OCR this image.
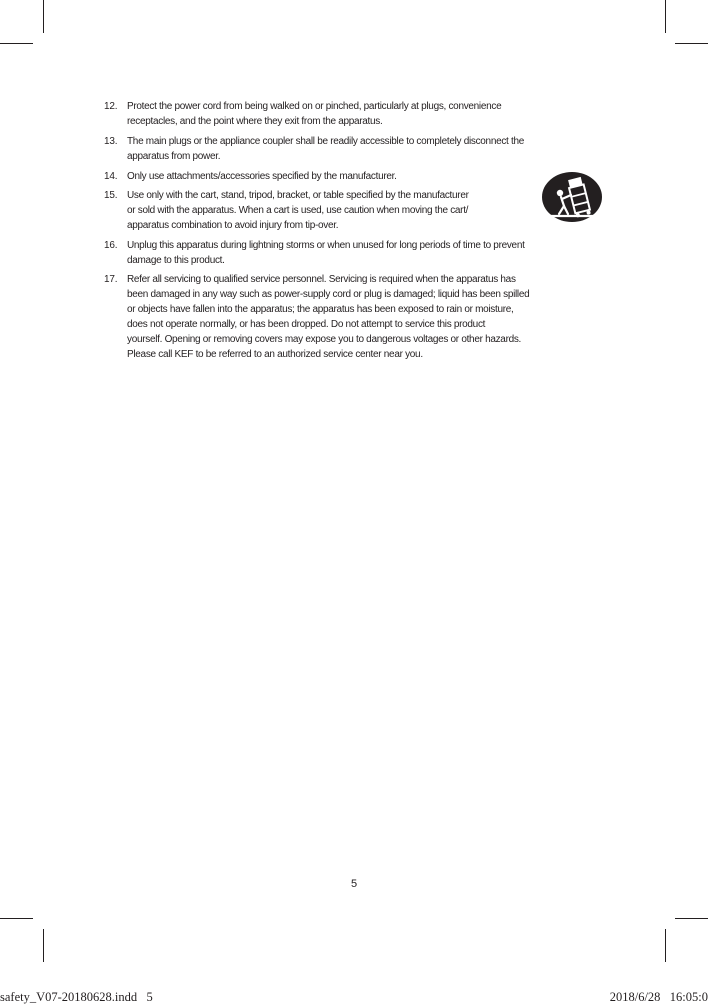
12. Protect the power cord from being walked on or pinched, particularly at plugs, convenience
receptacles, and the point where they exit from the apparatus.
13. The main plugs or the appliance coupler shall be readily accessible to completely disconnect the
apparatus from power.
14. Only use attachments/accessories specified by the manufacturer.
15. Use only with the cart, stand, tripod, bracket, or table specified by the manufacturer
or sold with the apparatus. When a cart is used, use caution when moving the cart/
apparatus combination to avoid injury from tip-over.
16. Unplug this apparatus during lightning storms or when unused for long periods of time to prevent
damage to this product.
17. Refer all servicing to qualified service personnel. Servicing is required when the apparatus has
been damaged in any way such as power-supply cord or plug is damaged; liquid has been spilled
or objects have fallen into the apparatus; the apparatus has been exposed to rain or moisture,
does not operate normally, or has been dropped. Do not attempt to service this product
yourself. Opening or removing covers may expose you to dangerous voltages or other hazards.
Please call KEF to be referred to an authorized service center near you.
5
safety_V07-20180628.indd   5	2018/6/28   16:05:0
